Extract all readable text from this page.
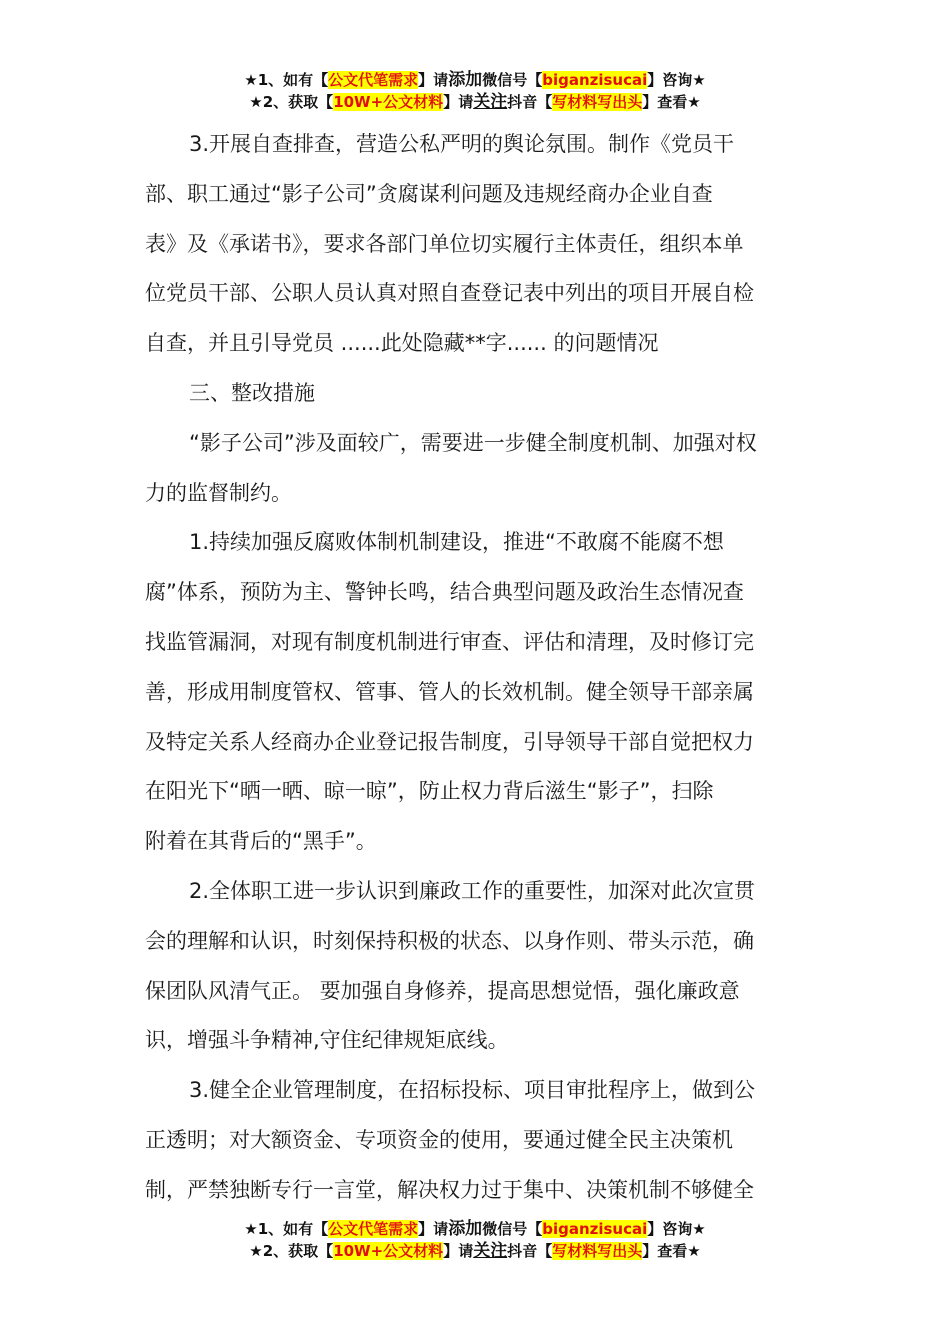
★1、如有【公文代笔需求】请添加微信号【biganzisucai】咨询★
★2、获取【10W+公文材料】请关注抖音【写材料写出头】查看★

3.开展自查排查，营造公私严明的舆论氛围。制作《党员干

部、职工通过“影子公司”贪腐谋利问题及违规经商办企业自查

表》及《承诺书》，要求各部门单位切实履行主体责任，组织本单

位党员干部、公职人员认真对照自查登记表中列出的项目开展自检

自查，并且引导党员 ......此处隐藏**字...... 的问题情况

三、整改措施

“影子公司”涉及面较广，需要进一步健全制度机制、加强对权

力的监督制约。

1.持续加强反腐败体制机制建设，推进“不敢腐不能腐不想

腐”体系，预防为主、警钟长鸣，结合典型问题及政治生态情况查

找监管漏洞，对现有制度机制进行审查、评估和清理，及时修订完

善，形成用制度管权、管事、管人的长效机制。健全领导干部亲属

及特定关系人经商办企业登记报告制度，引导领导干部自觉把权力

在阳光下“晒一晒、晾一晾”，防止权力背后滋生“影子”，扫除

附着在其背后的“黑手”。

2.全体职工进一步认识到廉政工作的重要性，加深对此次宣贯

会的理解和认识，时刻保持积极的状态、以身作则、带头示范，确

保团队风清气正。 要加强自身修养，提高思想觉悟，强化廉政意

识，增强斗争精神,守住纪律规矩底线。

3.健全企业管理制度，在招标投标、项目审批程序上，做到公

正透明；对大额资金、专项资金的使用，要通过健全民主决策机

制，严禁独断专行一言堂，解决权力过于集中、决策机制不够健全

★1、如有【公文代笔需求】请添加微信号【biganzisucai】咨询★
★2、获取【10W+公文材料】请关注抖音【写材料写出头】查看★
